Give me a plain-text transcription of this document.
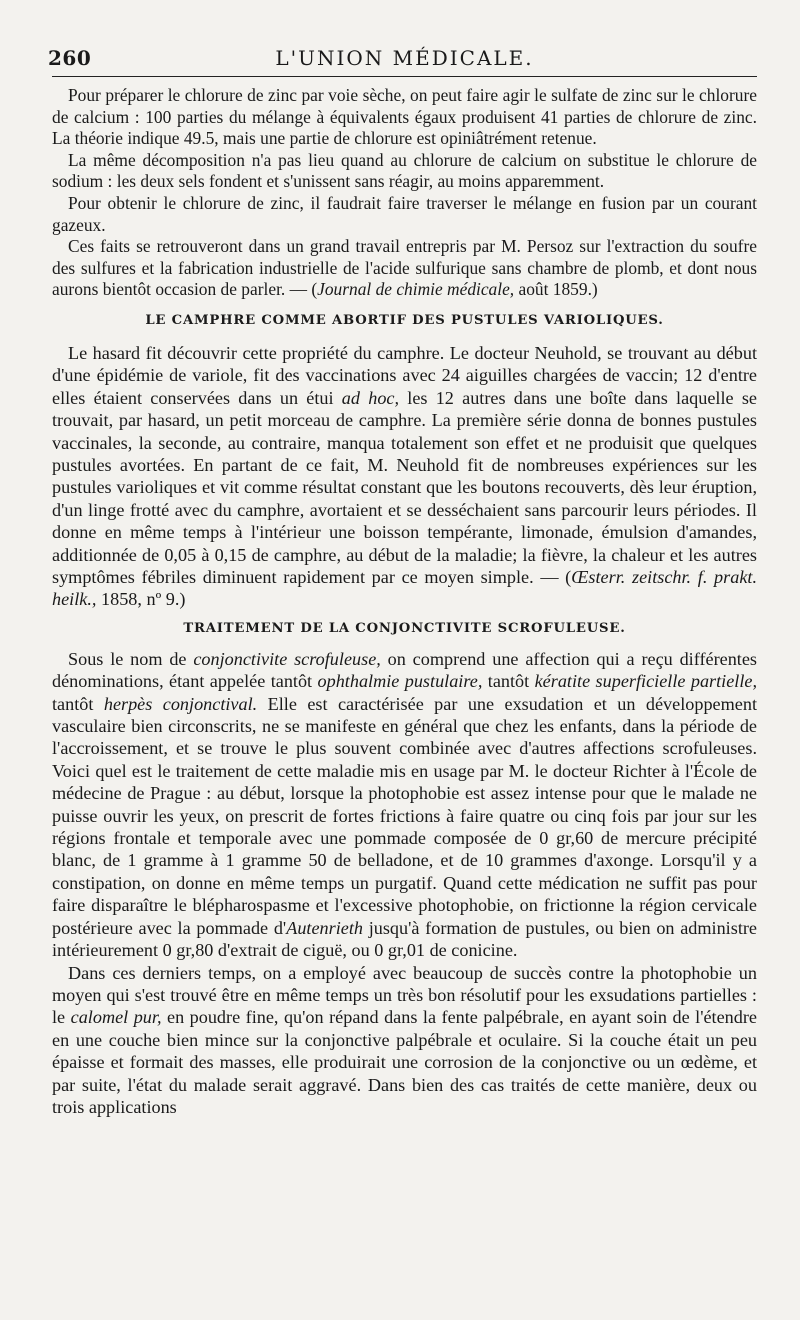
260	L'UNION MÉDICALE.

Pour préparer le chlorure de zinc par voie sèche, on peut faire agir le sulfate de zinc sur le chlorure de calcium : 100 parties du mélange à équivalents égaux produisent 41 parties de chlorure de zinc. La théorie indique 49.5, mais une partie de chlorure est opiniâtrément retenue.

La même décomposition n'a pas lieu quand au chlorure de calcium on substitue le chlorure de sodium : les deux sels fondent et s'unissent sans réagir, au moins apparemment.

Pour obtenir le chlorure de zinc, il faudrait faire traverser le mélange en fusion par un courant gazeux.

Ces faits se retrouveront dans un grand travail entrepris par M. Persoz sur l'extraction du soufre des sulfures et la fabrication industrielle de l'acide sulfurique sans chambre de plomb, et dont nous aurons bientôt occasion de parler. — (Journal de chimie médicale, août 1859.)

LE CAMPHRE COMME ABORTIF DES PUSTULES VARIOLIQUES.

Le hasard fit découvrir cette propriété du camphre. Le docteur Neuhold, se trouvant au début d'une épidémie de variole, fit des vaccinations avec 24 aiguilles chargées de vaccin; 12 d'entre elles étaient conservées dans un étui ad hoc, les 12 autres dans une boîte dans laquelle se trouvait, par hasard, un petit morceau de camphre. La première série donna de bonnes pustules vaccinales, la seconde, au contraire, manqua totalement son effet et ne produisit que quelques pustules avortées. En partant de ce fait, M. Neuhold fit de nombreuses expériences sur les pustules varioliques et vit comme résultat constant que les boutons recouverts, dès leur éruption, d'un linge frotté avec du camphre, avortaient et se desséchaient sans parcourir leurs périodes. Il donne en même temps à l'intérieur une boisson tempérante, limonade, émulsion d'amandes, additionnée de 0,05 à 0,15 de camphre, au début de la maladie; la fièvre, la chaleur et les autres symptômes fébriles diminuent rapidement par ce moyen simple. — (Œsterr. zeitschr. f. prakt. heilk., 1858, nº 9.)

TRAITEMENT DE LA CONJONCTIVITE SCROFULEUSE.

Sous le nom de conjonctivite scrofuleuse, on comprend une affection qui a reçu différentes dénominations, étant appelée tantôt ophthalmie pustulaire, tantôt kératite superficielle partielle, tantôt herpès conjonctival. Elle est caractérisée par une exsudation et un développement vasculaire bien circonscrits, ne se manifeste en général que chez les enfants, dans la période de l'accroissement, et se trouve le plus souvent combinée avec d'autres affections scrofuleuses. Voici quel est le traitement de cette maladie mis en usage par M. le docteur Richter à l'École de médecine de Prague : au début, lorsque la photophobie est assez intense pour que le malade ne puisse ouvrir les yeux, on prescrit de fortes frictions à faire quatre ou cinq fois par jour sur les régions frontale et temporale avec une pommade composée de 0 gr,60 de mercure précipité blanc, de 1 gramme à 1 gramme 50 de belladone, et de 10 grammes d'axonge. Lorsqu'il y a constipation, on donne en même temps un purgatif. Quand cette médication ne suffit pas pour faire disparaître le blépharospasme et l'excessive photophobie, on frictionne la région cervicale postérieure avec la pommade d'Autenrieth jusqu'à formation de pustules, ou bien on administre intérieurement 0 gr,80 d'extrait de ciguë, ou 0 gr,01 de conicine.

Dans ces derniers temps, on a employé avec beaucoup de succès contre la photophobie un moyen qui s'est trouvé être en même temps un très bon résolutif pour les exsudations partielles : le calomel pur, en poudre fine, qu'on répand dans la fente palpébrale, en ayant soin de l'étendre en une couche bien mince sur la conjonctive palpébrale et oculaire. Si la couche était un peu épaisse et formait des masses, elle produirait une corrosion de la conjonctive ou un œdème, et par suite, l'état du malade serait aggravé. Dans bien des cas traités de cette manière, deux ou trois applications
